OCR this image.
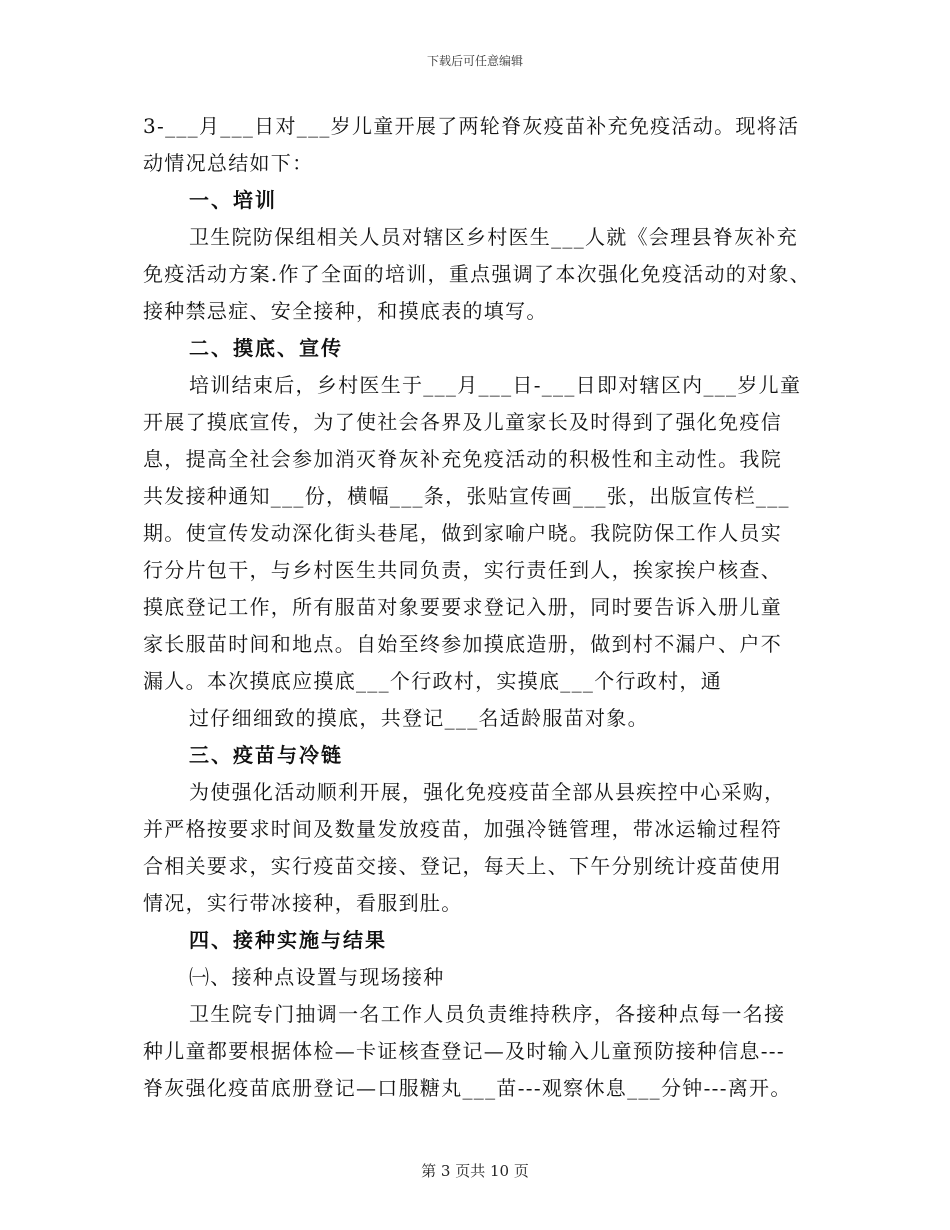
下载后可任意编辑
3-___月___日对___岁儿童开展了两轮脊灰疫苗补充免疫活动。现将活
动情况总结如下：
一、培训
卫生院防保组相关人员对辖区乡村医生___人就《会理县脊灰补充
免疫活动方案.作了全面的培训，重点强调了本次强化免疫活动的对象、
接种禁忌症、安全接种，和摸底表的填写。
二、摸底、宣传
培训结束后，乡村医生于___月___日-___日即对辖区内___岁儿童
开展了摸底宣传，为了使社会各界及儿童家长及时得到了强化免疫信
息，提高全社会参加消灭脊灰补充免疫活动的积极性和主动性。我院
共发接种通知___份，横幅___条，张贴宣传画___张，出版宣传栏___
期。使宣传发动深化街头巷尾，做到家喻户晓。我院防保工作人员实
行分片包干，与乡村医生共同负责，实行责任到人，挨家挨户核查、
摸底登记工作，所有服苗对象要要求登记入册，同时要告诉入册儿童
家长服苗时间和地点。自始至终参加摸底造册，做到村不漏户、户不
漏人。本次摸底应摸底___个行政村，实摸底___个行政村，通
过仔细细致的摸底，共登记___名适龄服苗对象。
三、疫苗与冷链
为使强化活动顺利开展，强化免疫疫苗全部从县疾控中心采购，
并严格按要求时间及数量发放疫苗，加强冷链管理，带冰运输过程符
合相关要求，实行疫苗交接、登记，每天上、下午分别统计疫苗使用
情况，实行带冰接种，看服到肚。
四、接种实施与结果
㈠、接种点设置与现场接种
卫生院专门抽调一名工作人员负责维持秩序，各接种点每一名接
种儿童都要根据体检—卡证核查登记—及时输入儿童预防接种信息---
脊灰强化疫苗底册登记—口服糖丸___苗---观察休息___分钟---离开。
第 3 页共 10 页
